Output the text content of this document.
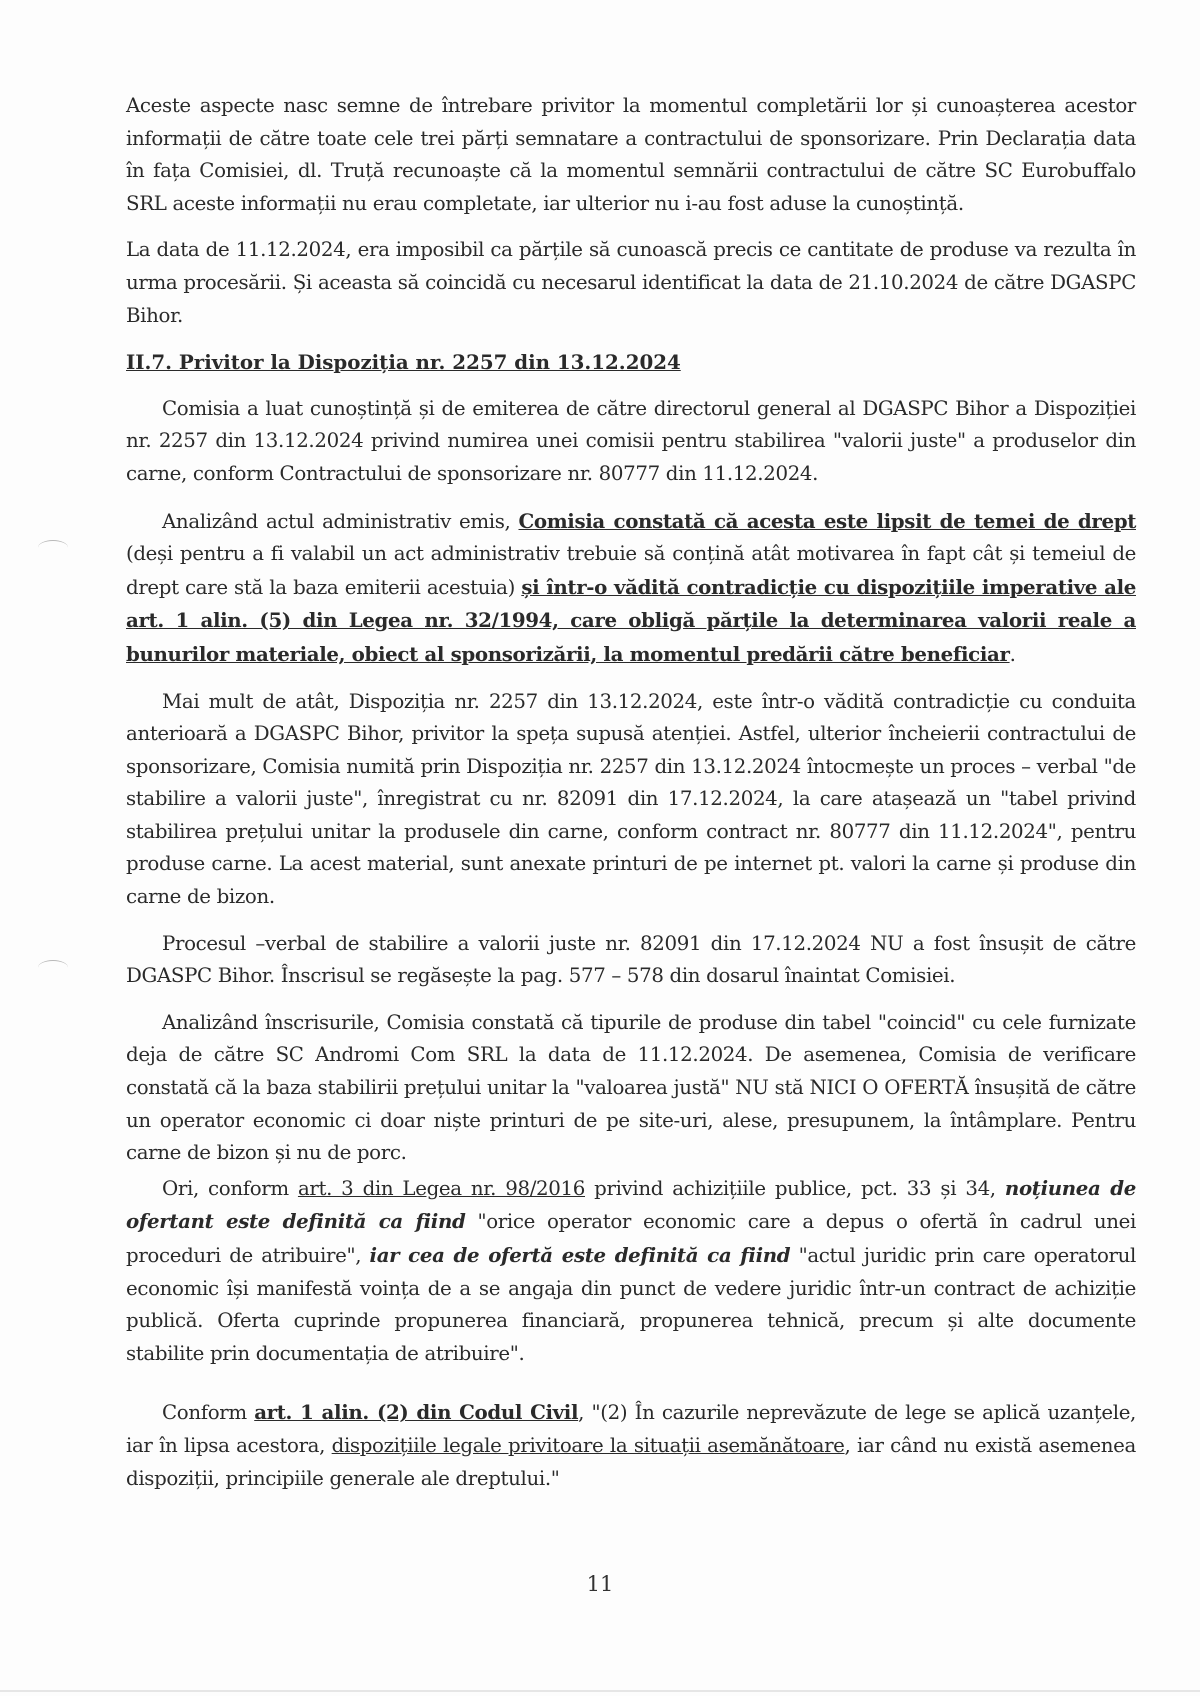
Aceste aspecte nasc semne de întrebare privitor la momentul completării lor și cunoașterea acestor informații de către toate cele trei părți semnatare a contractului de sponsorizare. Prin Declarația data în fața Comisiei, dl. Truță recunoaște că la momentul semnării contractului de către SC Eurobuffalo SRL aceste informații nu erau completate, iar ulterior nu i-au fost aduse la cunoștință.

La data de 11.12.2024, era imposibil ca părțile să cunoască precis ce cantitate de produse va rezulta în urma procesării. Și aceasta să coincidă cu necesarul identificat la data de 21.10.2024 de către DGASPC Bihor.

II.7. Privitor la Dispoziția nr. 2257 din 13.12.2024

Comisia a luat cunoștință și de emiterea de către directorul general al DGASPC Bihor a Dispoziției nr. 2257 din 13.12.2024 privind numirea unei comisii pentru stabilirea "valorii juste" a produselor din carne, conform Contractului de sponsorizare nr. 80777 din 11.12.2024.

Analizând actul administrativ emis, Comisia constată că acesta este lipsit de temei de drept (deși pentru a fi valabil un act administrativ trebuie să conțină atât motivarea în fapt cât și temeiul de drept care stă la baza emiterii acestuia) și într-o vădită contradicție cu dispozițiile imperative ale art. 1 alin. (5) din Legea nr. 32/1994, care obligă părțile la determinarea valorii reale a bunurilor materiale, obiect al sponsorizării, la momentul predării către beneficiar.

Mai mult de atât, Dispoziția nr. 2257 din 13.12.2024, este într-o vădită contradicție cu conduita anterioară a DGASPC Bihor, privitor la speța supusă atenției. Astfel, ulterior încheierii contractului de sponsorizare, Comisia numită prin Dispoziția nr. 2257 din 13.12.2024 întocmește un proces – verbal "de stabilire a valorii juste", înregistrat cu nr. 82091 din 17.12.2024, la care atașează un "tabel privind stabilirea prețului unitar la produsele din carne, conform contract nr. 80777 din 11.12.2024", pentru produse carne. La acest material, sunt anexate printuri de pe internet pt. valori la carne și produse din carne de bizon.

Procesul –verbal de stabilire a valorii juste nr. 82091 din 17.12.2024 NU a fost însușit de către DGASPC Bihor. Înscrisul se regăsește la pag. 577 – 578 din dosarul înaintat Comisiei.

Analizând înscrisurile, Comisia constată că tipurile de produse din tabel "coincid" cu cele furnizate deja de către SC Andromi Com SRL la data de 11.12.2024. De asemenea, Comisia de verificare constată că la baza stabilirii prețului unitar la "valoarea justă" NU stă NICI O OFERTĂ însușită de către un operator economic ci doar niște printuri de pe site-uri, alese, presupunem, la întâmplare. Pentru carne de bizon și nu de porc.

Ori, conform art. 3 din Legea nr. 98/2016 privind achizițiile publice, pct. 33 și 34, noțiunea de ofertant este definită ca fiind "orice operator economic care a depus o ofertă în cadrul unei proceduri de atribuire", iar cea de ofertă este definită ca fiind "actul juridic prin care operatorul economic își manifestă voința de a se angaja din punct de vedere juridic într-un contract de achiziție publică. Oferta cuprinde propunerea financiară, propunerea tehnică, precum și alte documente stabilite prin documentația de atribuire".

Conform art. 1 alin. (2) din Codul Civil, "(2) În cazurile neprevăzute de lege se aplică uzanțele, iar în lipsa acestora, dispozițiile legale privitoare la situații asemănătoare, iar când nu există asemenea dispoziții, principiile generale ale dreptului."

11
